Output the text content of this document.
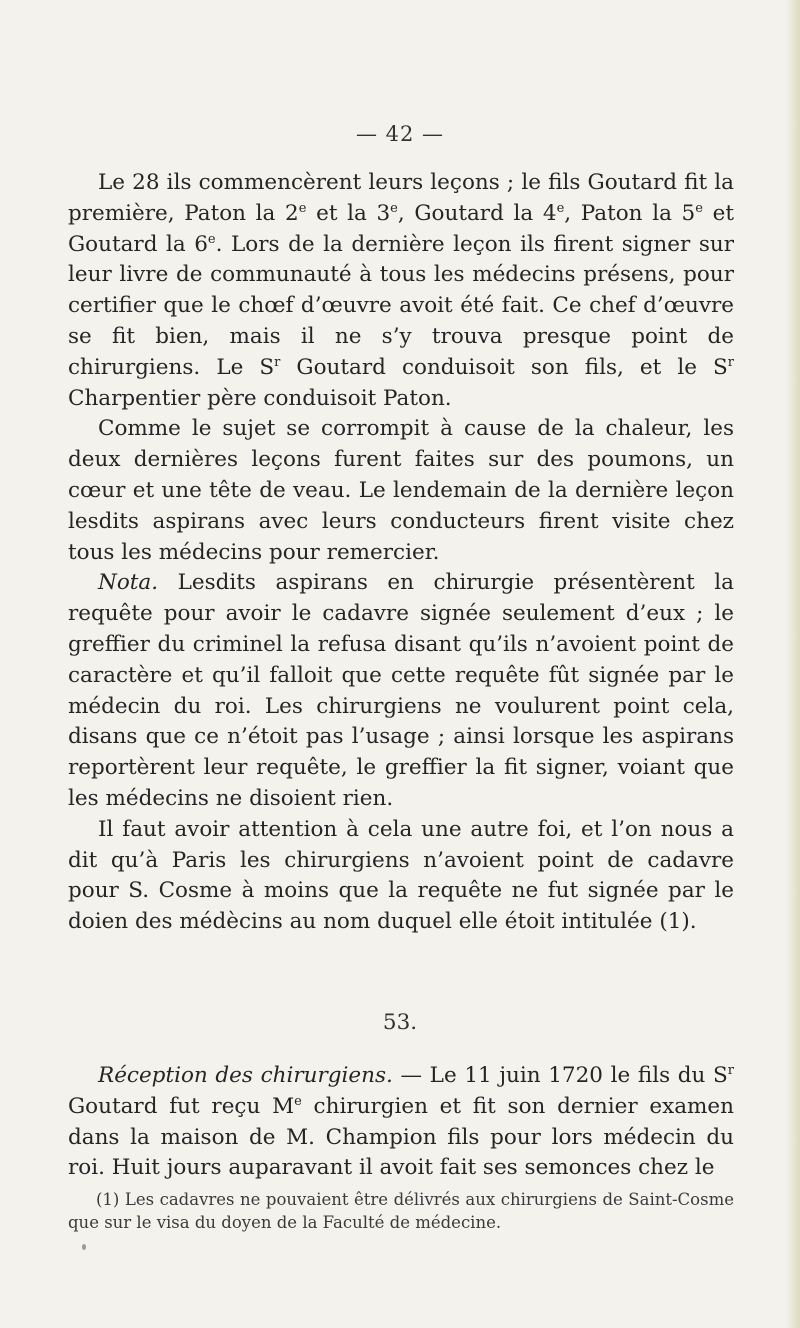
— 42 —

Le 28 ils commencèrent leurs leçons ; le fils Goutard fit la première, Paton la 2e et la 3e, Goutard la 4e, Paton la 5e et Goutard la 6e. Lors de la dernière leçon ils firent signer sur leur livre de communauté à tous les médecins présens, pour certifier que le chœf d’œuvre avoit été fait. Ce chef d’œuvre se fit bien, mais il ne s’y trouva presque point de chirurgiens. Le $S^r$ Goutard conduisoit son fils, et le $S^r$ Charpentier père conduisoit Paton.

Comme le sujet se corrompit à cause de la chaleur, les deux dernières leçons furent faites sur des poumons, un cœur et une tête de veau. Le lendemain de la dernière leçon lesdits aspirans avec leurs conducteurs firent visite chez tous les médecins pour remercier.

Nota. Lesdits aspirans en chirurgie présentèrent la requête pour avoir le cadavre signée seulement d’eux ; le greffier du criminel la refusa disant qu’ils n’avoient point de caractère et qu’il falloit que cette requête fût signée par le médecin du roi. Les chirurgiens ne voulurent point cela, disans que ce n’étoit pas l’usage ; ainsi lorsque les aspirans reportèrent leur requête, le greffier la fit signer, voiant que les médecins ne disoient rien.

Il faut avoir attention à cela une autre foi, et l’on nous a dit qu’à Paris les chirurgiens n’avoient point de cadavre pour S. Cosme à moins que la requête ne fut signée par le doien des médècins au nom duquel elle étoit intitulée (1).

53.

Réception des chirurgiens. — Le 11 juin 1720 le fils du $S^r$ Goutard fut reçu Me chirurgien et fit son dernier examen dans la maison de M. Champion fils pour lors médecin du roi. Huit jours auparavant il avoit fait ses semonces chez le

(1) Les cadavres ne pouvaient être délivrés aux chirurgiens de Saint-Cosme que sur le visa du doyen de la Faculté de médecine.
